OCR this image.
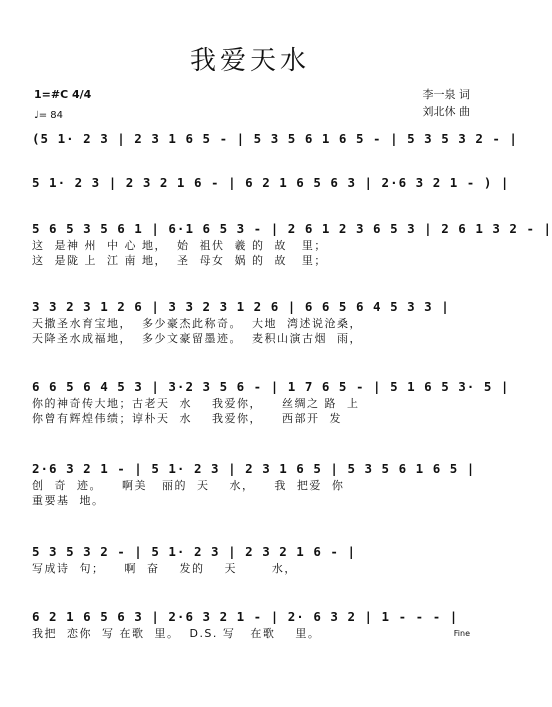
我爱天水
李一泉 词
刘北休 曲
1=#C 4/4
♩= 84
(5 1· 2 3 | 2 3 1 6 5 - | 5 3 5 6 1 6 5 - | 5 3 5 3 2 - |
5 1· 2 3 | 2 3 2 1 6 - | 6 2 1 6 5 6 3 | 2·6 3 2 1 - ) |
5 6 5 3 5 6 1 | 6·1 6 5 3 - | 2 6 1 2 3 6 5 3 | 2 6 1 3 2 - |
这  是神 州  中 心 地，  始  祖伏  羲 的  故   里；
这  是陇 上  江 南 地，  圣  母女  娲 的  故   里；
3 3 2 3 1 2 6 | 3 3 2 3 1 2 6 | 6 6 5 6 4 5 3 3 |
天撒圣水育宝地，  多少豪杰此称奇。  大地  湾述说沧桑，
天降圣水成福地，  多少文豪留墨迹。  麦积山演古烟  雨，
6 6 5 6 4 5 3 | 3·2 3 5 6 - | 1 7 6 5 - | 5 1 6 5 3· 5 |
你的神奇传大地；古老天  水    我爱你，    丝绸之 路  上
你曾有辉煌伟绩；谆朴天  水    我爱你，    西部开  发
2·6 3 2 1 - | 5 1· 2 3 | 2 3 1 6 5 | 5 3 5 6 1 6 5 |
创  奇  迹。    啊美   丽的  天    水，    我  把爱  你
重要基  地。
5 3 5 3 2 - | 5 1· 2 3 | 2 3 2 1 6 - |
写成诗  句；    啊  奋    发的    天       水，
6 2 1 6 5 6 3 | 2·6 3 2 1 - | 2· 6 3 2 | 1 - - - |
我把  恋你  写 在歌  里。  D.S. 写   在歌    里。	Fine
